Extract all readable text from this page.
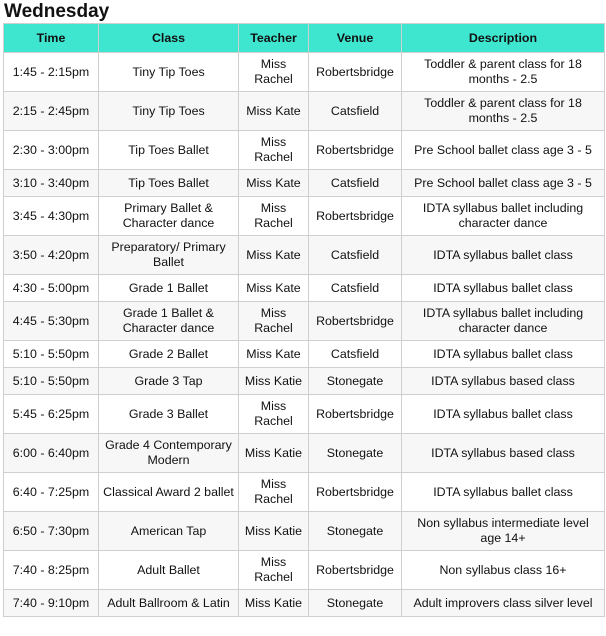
Wednesday
Time	Class	Teacher	Venue	Description
1:45 - 2:15pm	Tiny Tip Toes	Miss Rachel	Robertsbridge	Toddler & parent class for 18 months - 2.5
2:15 - 2:45pm	Tiny Tip Toes	Miss Kate	Catsfield	Toddler & parent class for 18 months - 2.5
2:30 - 3:00pm	Tip Toes Ballet	Miss Rachel	Robertsbridge	Pre School ballet class age 3 - 5
3:10 - 3:40pm	Tip Toes Ballet	Miss Kate	Catsfield	Pre School ballet class age 3 - 5
3:45 - 4:30pm	Primary Ballet & Character dance	Miss Rachel	Robertsbridge	IDTA syllabus ballet including character dance
3:50 - 4:20pm	Preparatory/ Primary Ballet	Miss Kate	Catsfield	IDTA syllabus ballet class
4:30 - 5:00pm	Grade 1 Ballet	Miss Kate	Catsfield	IDTA syllabus ballet class
4:45 - 5:30pm	Grade 1 Ballet & Character dance	Miss Rachel	Robertsbridge	IDTA syllabus ballet including character dance
5:10 - 5:50pm	Grade 2 Ballet	Miss Kate	Catsfield	IDTA syllabus ballet class
5:10 - 5:50pm	Grade 3 Tap	Miss Katie	Stonegate	IDTA syllabus based class
5:45 - 6:25pm	Grade 3 Ballet	Miss Rachel	Robertsbridge	IDTA syllabus ballet class
6:00 - 6:40pm	Grade 4 Contemporary Modern	Miss Katie	Stonegate	IDTA syllabus based class
6:40 - 7:25pm	Classical Award 2 ballet	Miss Rachel	Robertsbridge	IDTA syllabus ballet class
6:50 - 7:30pm	American Tap	Miss Katie	Stonegate	Non syllabus intermediate level age 14+
7:40 - 8:25pm	Adult Ballet	Miss Rachel	Robertsbridge	Non syllabus class 16+
7:40 - 9:10pm	Adult Ballroom & Latin	Miss Katie	Stonegate	Adult improvers class silver level
